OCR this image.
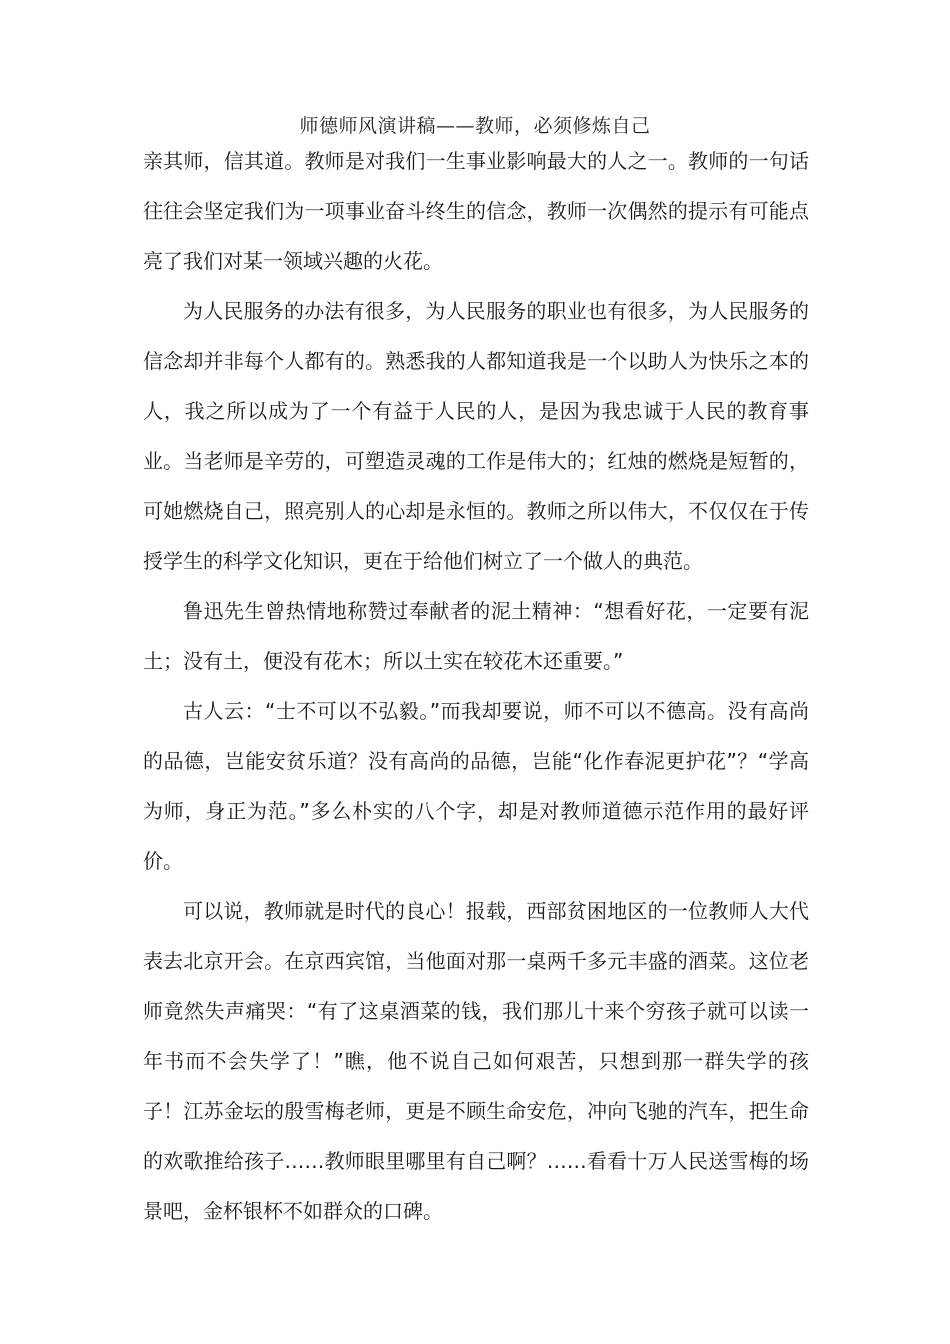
师德师风演讲稿——教师，必须修炼自己

亲其师，信其道。教师是对我们一生事业影响最大的人之一。教师的一句话往往会坚定我们为一项事业奋斗终生的信念，教师一次偶然的提示有可能点亮了我们对某一领域兴趣的火花。

为人民服务的办法有很多，为人民服务的职业也有很多，为人民服务的信念却并非每个人都有的。熟悉我的人都知道我是一个以助人为快乐之本的人，我之所以成为了一个有益于人民的人，是因为我忠诚于人民的教育事业。当老师是辛劳的，可塑造灵魂的工作是伟大的；红烛的燃烧是短暂的，可她燃烧自己，照亮别人的心却是永恒的。教师之所以伟大，不仅仅在于传授学生的科学文化知识，更在于给他们树立了一个做人的典范。

鲁迅先生曾热情地称赞过奉献者的泥土精神：“想看好花，一定要有泥土；没有土，便没有花木；所以土实在较花木还重要。”

古人云：“士不可以不弘毅。”而我却要说，师不可以不德高。没有高尚的品德，岂能安贫乐道？没有高尚的品德，岂能“化作春泥更护花”？“学高为师，身正为范。”多么朴实的八个字，却是对教师道德示范作用的最好评价。

可以说，教师就是时代的良心！报载，西部贫困地区的一位教师人大代表去北京开会。在京西宾馆，当他面对那一桌两千多元丰盛的酒菜。这位老师竟然失声痛哭：“有了这桌酒菜的钱，我们那儿十来个穷孩子就可以读一年书而不会失学了！”瞧，他不说自己如何艰苦，只想到那一群失学的孩子！江苏金坛的殷雪梅老师，更是不顾生命安危，冲向飞驰的汽车，把生命的欢歌推给孩子……教师眼里哪里有自己啊？……看看十万人民送雪梅的场景吧，金杯银杯不如群众的口碑。
